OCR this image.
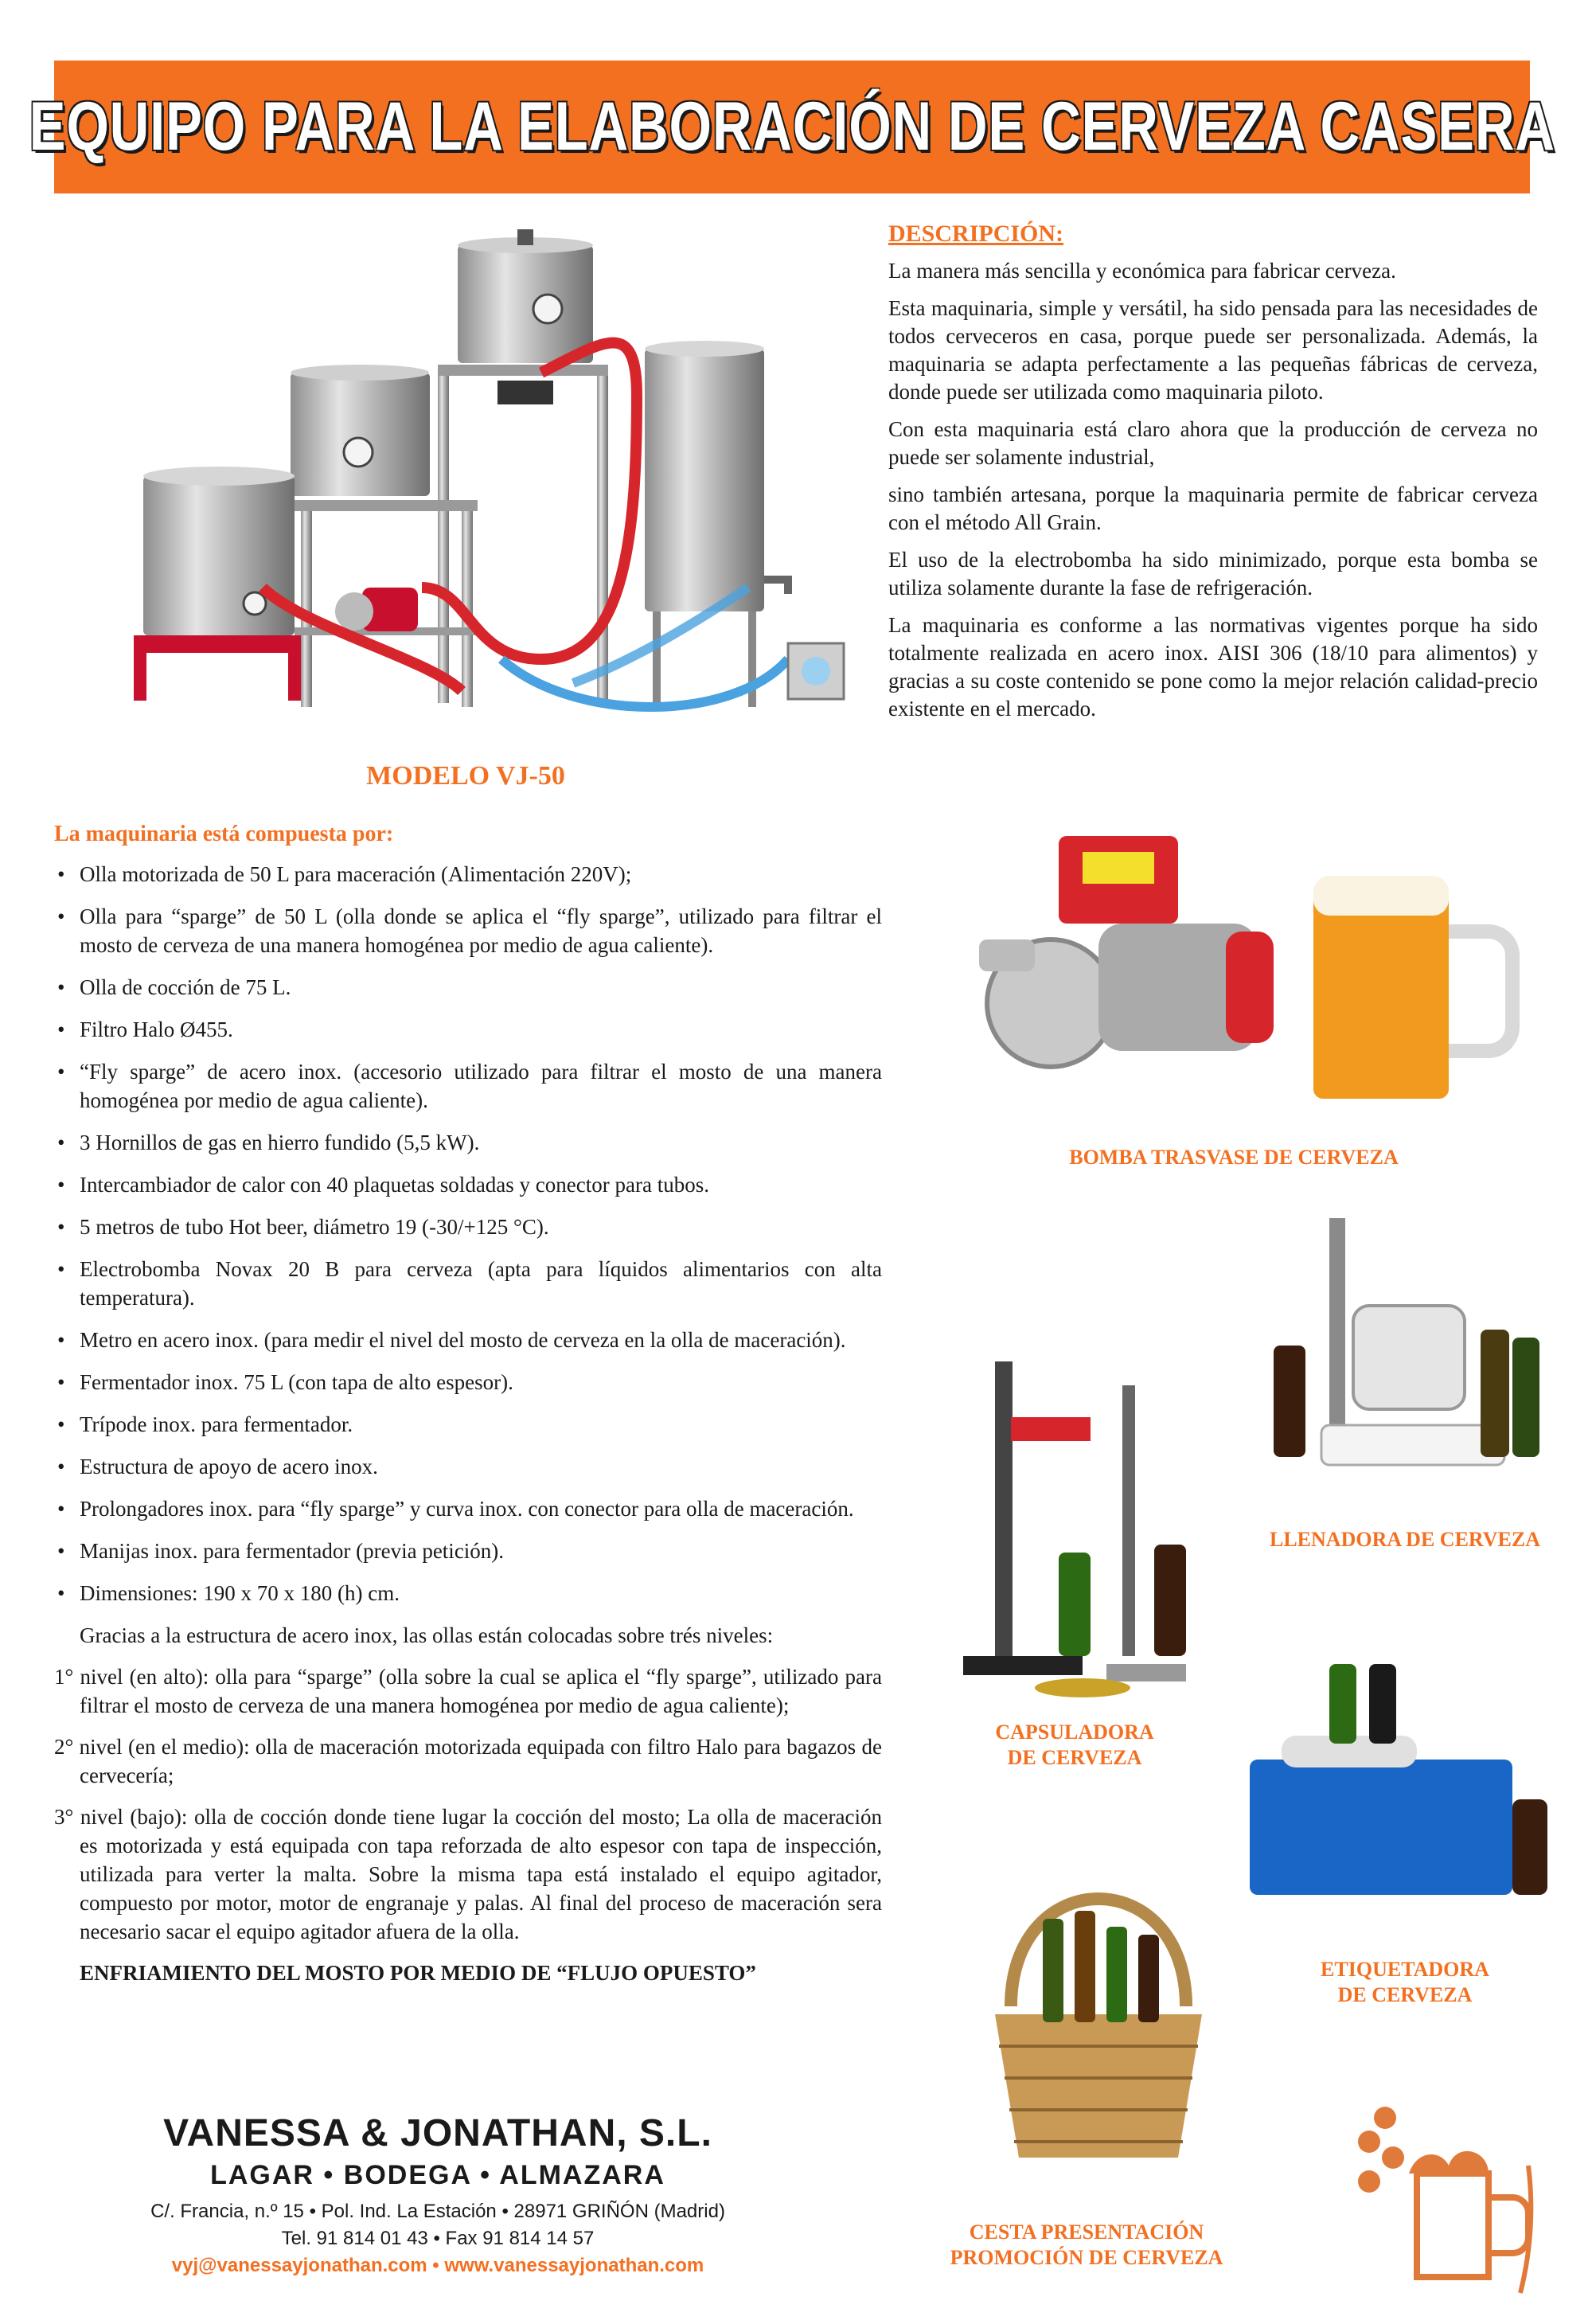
EQUIPO PARA LA ELABORACIÓN DE CERVEZA CASERA
MODELO VJ-50
DESCRIPCIÓN:

La manera más sencilla y económica para fabricar cerveza.

Esta maquinaria, simple y versátil, ha sido pensada para las necesidades de todos cerveceros en casa, porque puede ser personalizada. Además, la maquinaria se adapta perfectamente a las pequeñas fábricas de cerveza, donde puede ser utilizada como maquinaria piloto.

Con esta maquinaria está claro ahora que la producción de cerveza no puede ser solamente industrial,

sino también artesana, porque la maquinaria permite de fabricar cerveza con el método All Grain.

El uso de la electrobomba ha sido minimizado, porque esta bomba se utiliza solamente durante la fase de refrigeración.

La maquinaria es conforme a las normativas vigentes porque ha sido totalmente realizada en acero inox. AISI 306 (18/10 para alimentos) y gracias a su coste contenido se pone como la mejor relación calidad-precio existente en el mercado.

La maquinaria está compuesta por:
• Olla motorizada de 50 L para maceración (Alimentación 220V);
• Olla para “sparge” de 50 L (olla donde se aplica el “fly sparge”, utilizado para filtrar el mosto de cerveza de una manera homogénea por medio de agua caliente).
• Olla de cocción de 75 L.
• Filtro Halo Ø455.
• “Fly sparge” de acero inox. (accesorio utilizado para filtrar el mosto de una manera homogénea por medio de agua caliente).
• 3 Hornillos de gas en hierro fundido (5,5 kW).
• Intercambiador de calor con 40 plaquetas soldadas y conector para tubos.
• 5 metros de tubo Hot beer, diámetro 19 (-30/+125 °C).
• Electrobomba Novax 20 B para cerveza (apta para líquidos alimentarios con alta temperatura).
• Metro en acero inox. (para medir el nivel del mosto de cerveza en la olla de maceración).
• Fermentador inox. 75 L (con tapa de alto espesor).
• Trípode inox. para fermentador.
• Estructura de apoyo de acero inox.
• Prolongadores inox. para “fly sparge” y curva inox. con conector para olla de maceración.
• Manijas inox. para fermentador (previa petición).
• Dimensiones: 190 x 70 x 180 (h) cm.

Gracias a la estructura de acero inox, las ollas están colocadas sobre trés niveles:

1° nivel (en alto): olla para “sparge” (olla sobre la cual se aplica el “fly sparge”, utilizado para filtrar el mosto de cerveza de una manera homogénea por medio de agua caliente);

2° nivel (en el medio): olla de maceración motorizada equipada con filtro Halo para bagazos de cervecería;

3° nivel (bajo): olla de cocción donde tiene lugar la cocción del mosto; La olla de maceración es motorizada y está equipada con tapa reforzada de alto espesor con tapa de inspección, utilizada para verter la malta. Sobre la misma tapa está instalado el equipo agitador, compuesto por motor, motor de engranaje y palas. Al final del proceso de maceración sera necesario sacar el equipo agitador afuera de la olla.

ENFRIAMIENTO DEL MOSTO POR MEDIO DE “FLUJO OPUESTO”

VANESSA & JONATHAN, S.L.
LAGAR • BODEGA • ALMAZARA
C/. Francia, n.º 15 • Pol. Ind. La Estación • 28971 GRIÑÓN (Madrid)
Tel. 91 814 01 43 • Fax 91 814 14 57
vyj@vanessayjonathan.com • www.vanessayjonathan.com
BOMBA TRASVASE DE CERVEZA
LLENADORA DE CERVEZA
CAPSULADORA
DE CERVEZA
ETIQUETADORA
DE CERVEZA
CESTA PRESENTACIÓN
PROMOCIÓN DE CERVEZA
